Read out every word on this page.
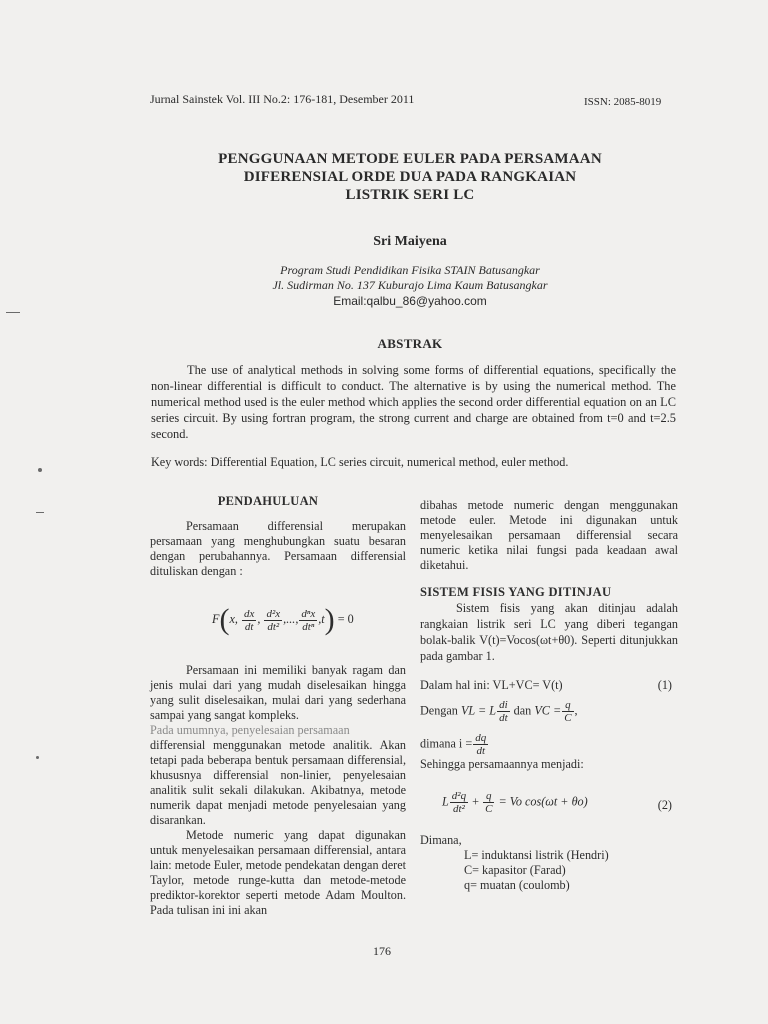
Jurnal Sainstek Vol. III No.2: 176-181, Desember 2011	ISSN: 2085-8019
PENGGUNAAN METODE EULER PADA PERSAMAAN
DIFERENSIAL ORDE DUA PADA RANGKAIAN
LISTRIK SERI LC
Sri Maiyena
Program Studi Pendidikan Fisika STAIN Batusangkar
Jl. Sudirman No. 137 Kuburajo Lima Kaum Batusangkar
Email:qalbu_86@yahoo.com
ABSTRAK

The use of analytical methods in solving some forms of differential equations, specifically the non-linear differential is difficult to conduct. The alternative is by using the numerical method. The numerical method used is the euler method which applies the second order differential equation on an LC series circuit. By using fortran program, the strong current and charge are obtained from t=0 and t=2.5 second.

Key words: Differential Equation, LC series circuit, numerical method, euler method.
PENDAHULUAN

Persamaan differensial merupakan persamaan yang menghubungkan suatu besaran dengan perubahannya. Persamaan differensial dituliskan dengan :

F(x, $\frac{dx}{dt}$ , $\frac{\text{d²x}}{\text{dt²}}$ ,..., $\frac{\text{dⁿx}}{\text{dtⁿ}} ,t) = 0$

Persamaan ini memiliki banyak ragam dan jenis mulai dari yang mudah diselesaikan hingga yang sulit diselesaikan, mulai dari yang sederhana sampai yang sangat kompleks.

Pada umumnya, penyelesaian persamaan

differensial menggunakan metode analitik. Akan tetapi pada beberapa bentuk persamaan differensial, khususnya differensial non-linier, penyelesaian analitik sulit sekali dilakukan. Akibatnya, metode numerik dapat menjadi metode penyelesaian yang disarankan.

Metode numeric yang dapat digunakan untuk menyelesaikan persamaan differensial, antara lain: metode Euler, metode pendekatan dengan deret Taylor, metode runge-kutta dan metode-metode prediktor-korektor seperti metode Adam Moulton. Pada tulisan ini ini akan

dibahas metode numeric dengan menggunakan metode euler. Metode ini digunakan untuk menyelesaikan persamaan differensial secara numeric ketika nilai fungsi pada keadaan awal diketahui.

SISTEM FISIS YANG DITINJAU

Sistem fisis yang akan ditinjau adalah rangkaian listrik seri LC yang diberi tegangan bolak-balik V(t)=Vocos(ωt+θ0). Seperti ditunjukkan pada gambar 1.

Dalam hal ini: VL+VC= V(t)	(1)
Dengan VL = L $\frac{di}{dt}$ dan VC = $\frac{q}{C}$ ,
dimana $i = \frac{dq}{dt}$
Sehingga persamaannya menjadi:
L $\frac{\text{d²q}}{\text{dt²}} + \frac{q}{C} = Vo$ cos(ωt + θo)	(2)
Dimana,
L= induktansi listrik (Hendri)
C= kapasitor (Farad)
q= muatan (coulomb)
176
